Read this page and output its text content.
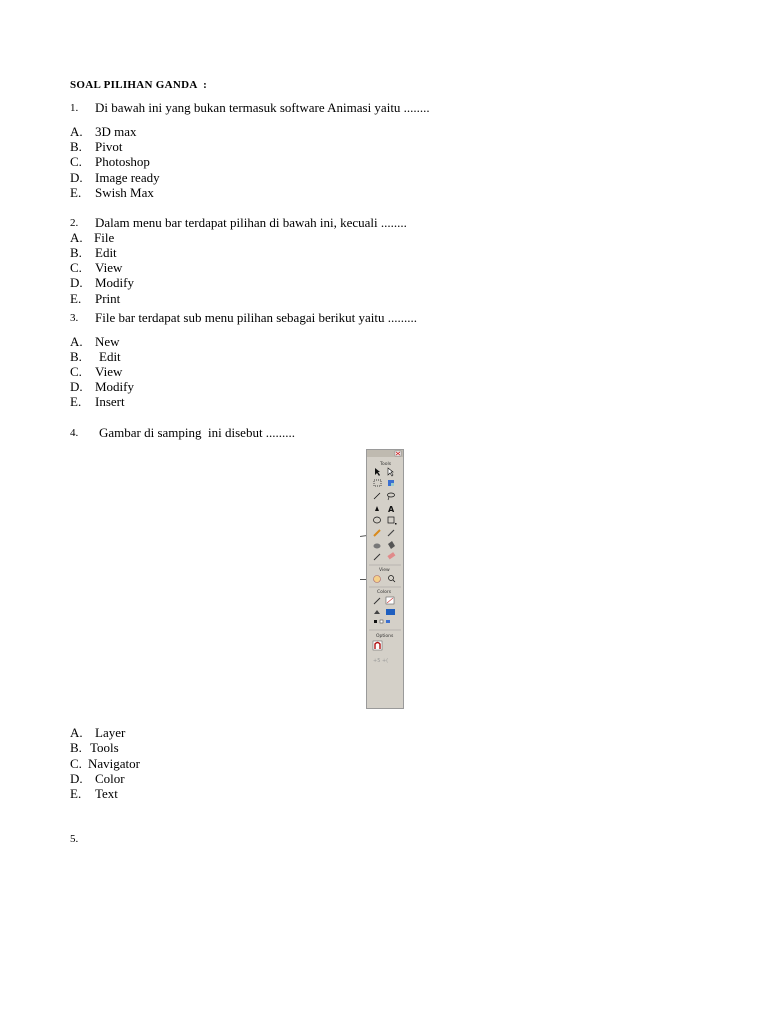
SOAL PILIHAN GANDA  :
1. Di bawah ini yang bukan termasuk software Animasi yaitu ........
A. 3D max
B. Pivot
C. Photoshop
D. Image ready
E. Swish Max
2. Dalam menu bar terdapat pilihan di bawah ini, kecuali ........
A. File
B. Edit
C. View
D. Modify
E. Print
3. File bar terdapat sub menu pilihan sebagai berikut yaitu .........
A. New
B. Edit
C. View
D. Modify
E. Insert
4. Gambar di samping  ini disebut .........
Tools
A
View
Colors
Options
+5 +(
A. Layer
B. Tools
C. Navigator
D. Color
E. Text
5.
